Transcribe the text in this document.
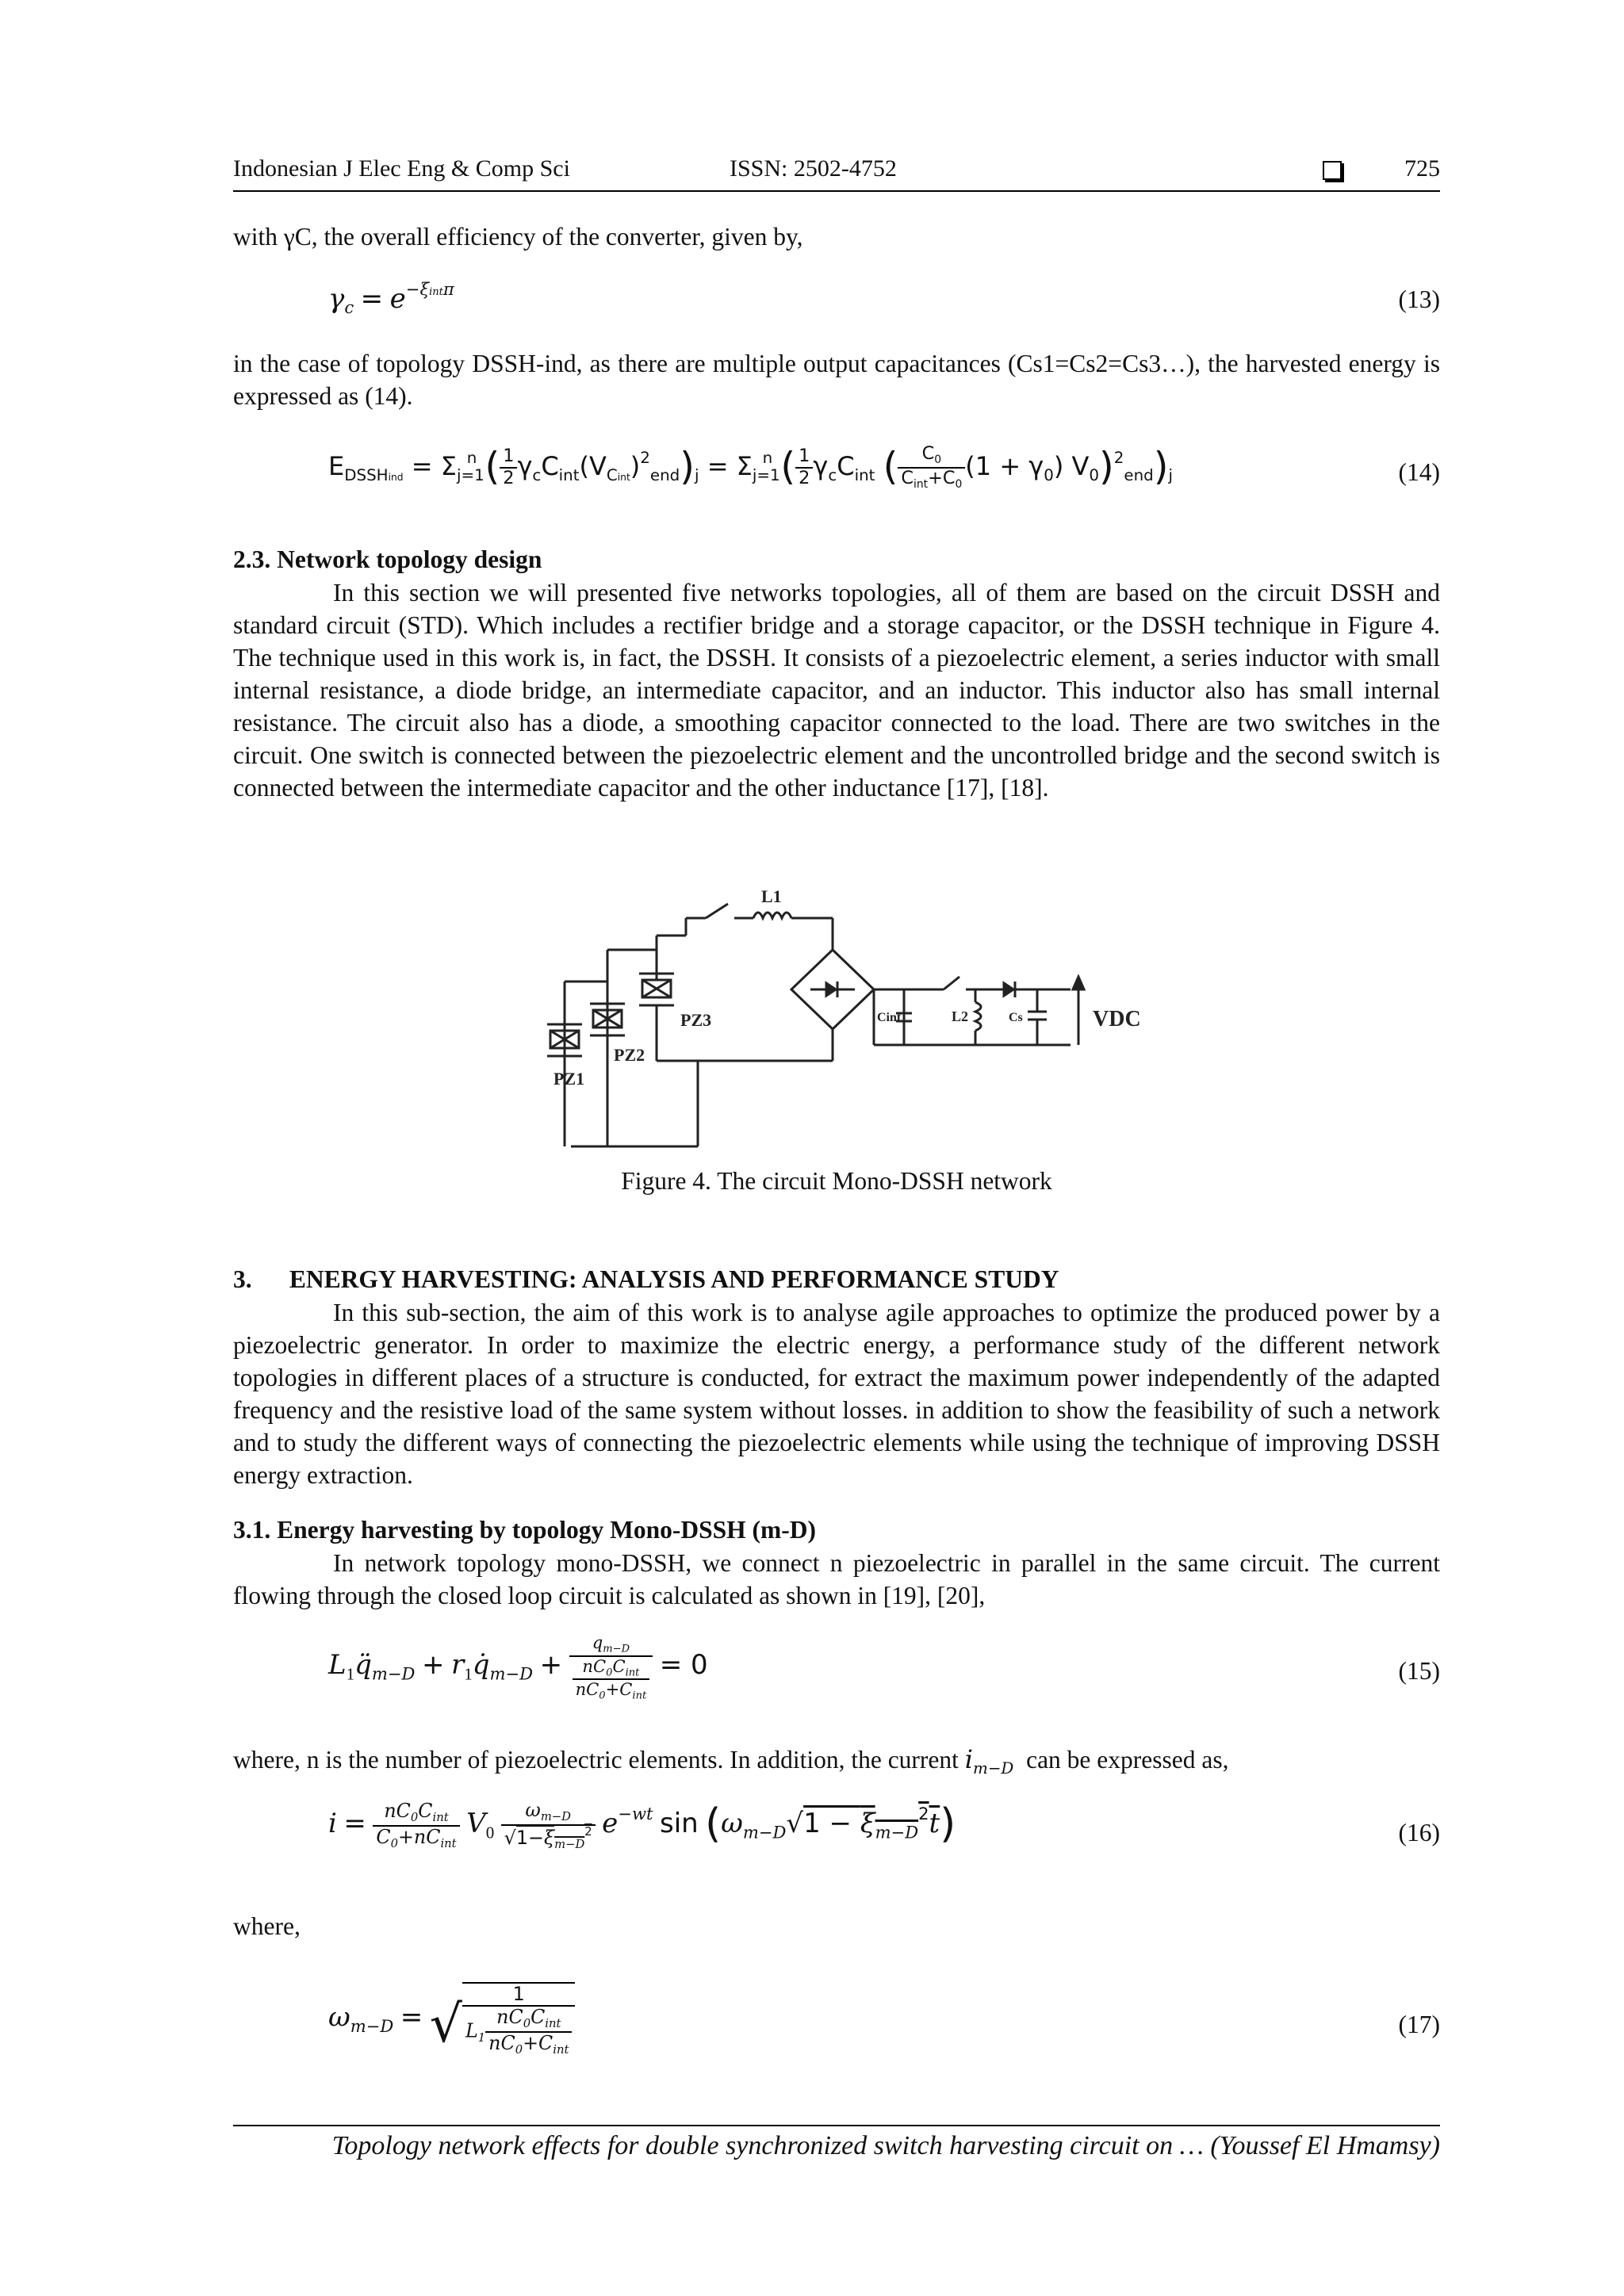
Indonesian J Elec Eng & Comp Sci	ISSN: 2502-4752	725

with γC, the overall efficiency of the converter, given by,

$\gamma_c = e^{-\xi int\pi}$	(13)

in the case of topology DSSH-ind, as there are multiple output capacitances (Cs1=Cs2=Cs3…), the harvested energy is expressed as (14).

$E_{DSSHind} = \Sigma_{j=1}^n$ ( $\frac{1}{2} \gamma_cC_{int}(V_{Cint})^2_{end})_j = \Sigma_{j=1}^n$ ( $\frac{1}{2} \gamma_cC_{int}$ ( $\frac{C_0}{C_{int}+C_0} (1 + \gamma_0)$ $V_0)^2_{end})_j$	(14)
2.3. Network topology design

In this section we will presented five networks topologies, all of them are based on the circuit DSSH and standard circuit (STD). Which includes a rectifier bridge and a storage capacitor, or the DSSH technique in Figure 4. The technique used in this work is, in fact, the DSSH. It consists of a piezoelectric element, a series inductor with small internal resistance, a diode bridge, an intermediate capacitor, and an inductor. This inductor also has small internal resistance. The circuit also has a diode, a smoothing capacitor connected to the load. There are two switches in the circuit. One switch is connected between the piezoelectric element and the uncontrolled bridge and the second switch is connected between the intermediate capacitor and the other inductance [17], [18].

L1
PZ1
PZ2
PZ3	Cint	L2	Cs	VDC
Figure 4. The circuit Mono-DSSH network
3.      ENERGY HARVESTING: ANALYSIS AND PERFORMANCE STUDY

In this sub-section, the aim of this work is to analyse agile approaches to optimize the produced power by a piezoelectric generator. In order to maximize the electric energy, a performance study of the different network topologies in different places of a structure is conducted, for extract the maximum power independently of the adapted frequency and the resistive load of the same system without losses. in addition to show the feasibility of such a network and to study the different ways of connecting the piezoelectric elements while using the technique of improving DSSH energy extraction.

3.1. Energy harvesting by topology Mono-DSSH (m-D)

In network topology mono-DSSH, we connect n piezoelectric in parallel in the same circuit. The current flowing through the closed loop circuit is calculated as shown in [19], [20],

$L_1q̈_{m-D}$ + $r_1q̇_{m-D} + \frac{q_{m-D}}{\frac{nC_0C_{int}}{nC_0+C_{int}}} = 0$	(15)
where, n is the number of piezoelectric elements. In addition, the current $i_{m-D}$ can be expressed as,
$i = \frac{nC_0C_{int}}{C_0+nC_{int}} V_0 \frac{\omega_{m-D}}{√1-\xi_{m-D}^2} e^{-wt}$ $\sin (\omega_{m-D}√1 - \xi_{m-D}^2t)$	(16)
where,
$\omega_{m-D}$ = √ $\frac{1}{L_1 \frac{nC_0C_{int}}{nC_0+C_{int}}}$	(17)
Topology network effects for double synchronized switch harvesting circuit on … (Youssef El Hmamsy)
